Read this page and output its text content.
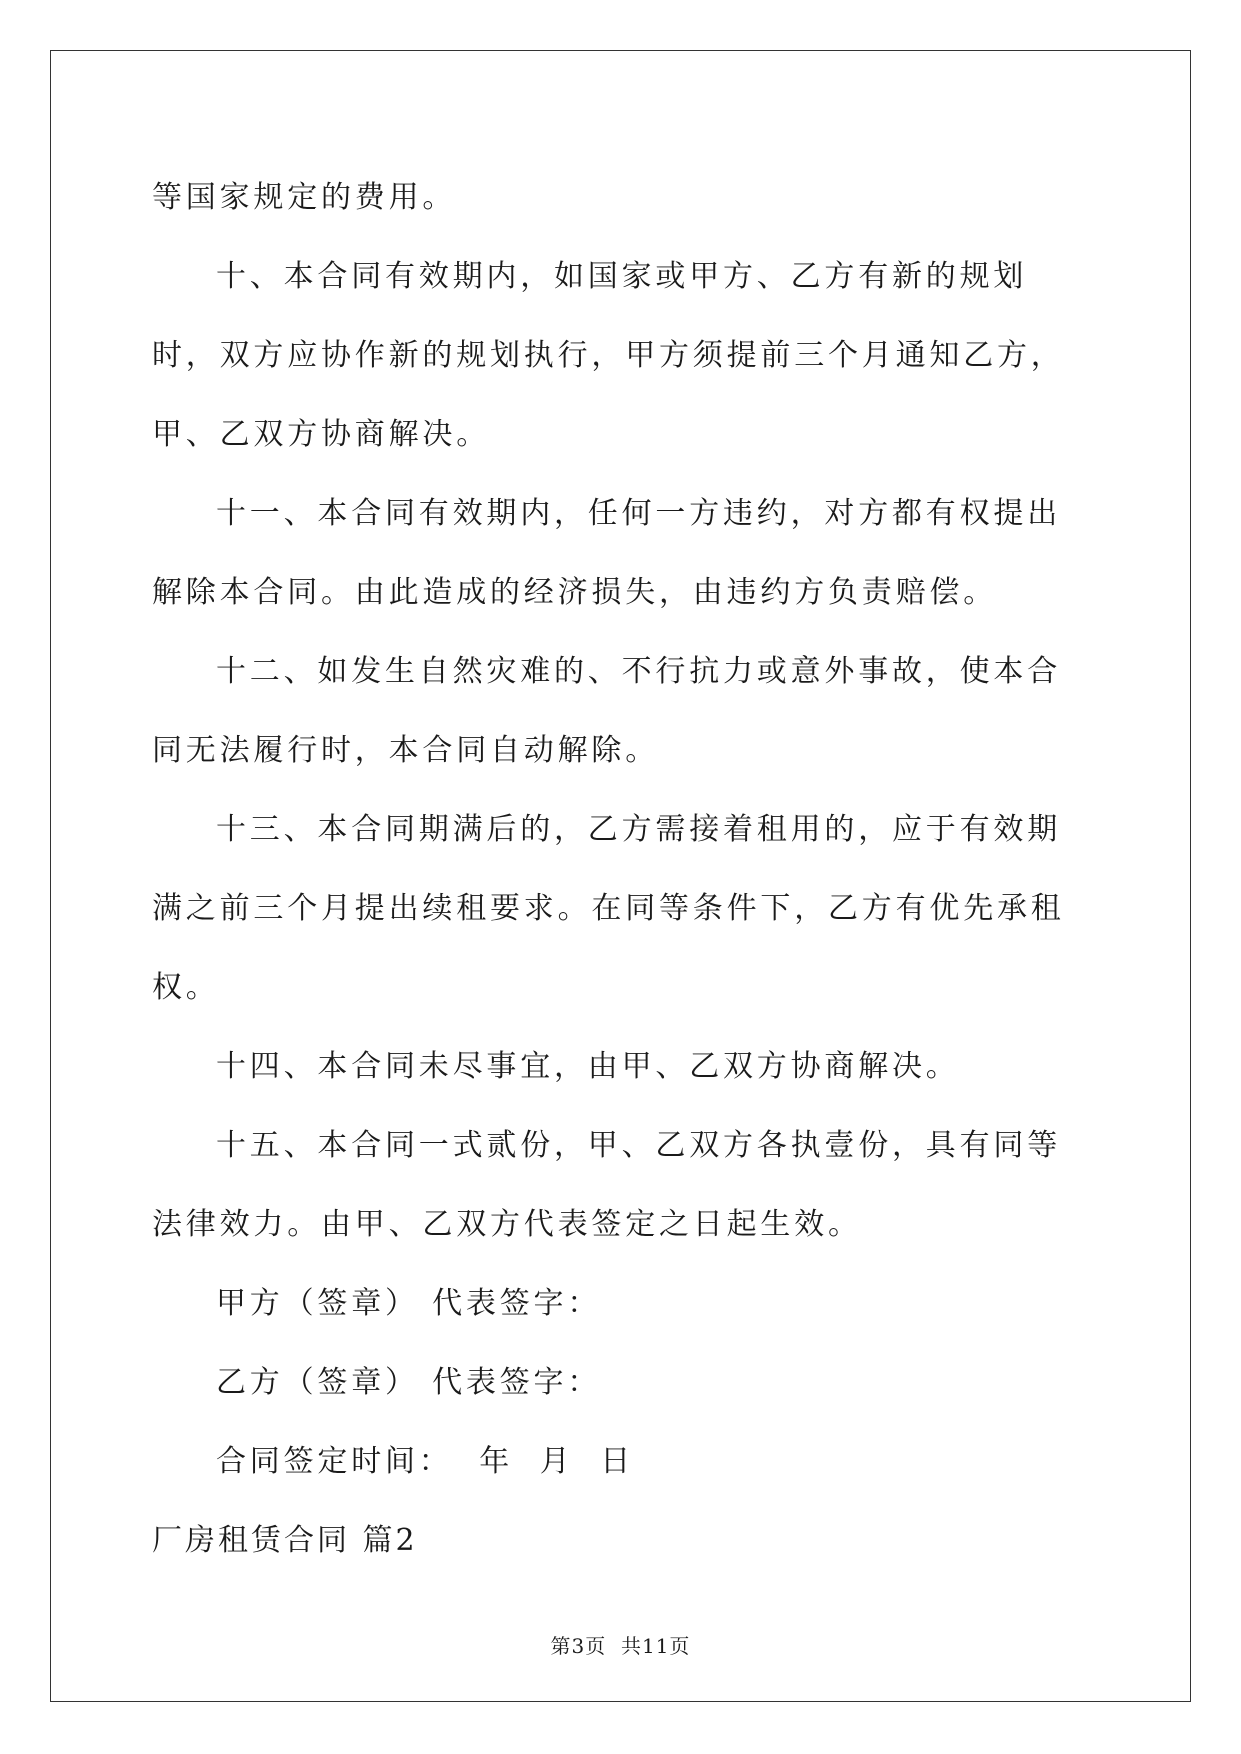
等国家规定的费用。

十、本合同有效期内，如国家或甲方、乙方有新的规划时，双方应协作新的规划执行，甲方须提前三个月通知乙方，甲、乙双方协商解决。

十一、本合同有效期内，任何一方违约，对方都有权提出解除本合同。由此造成的经济损失，由违约方负责赔偿。

十二、如发生自然灾难的、不行抗力或意外事故，使本合同无法履行时，本合同自动解除。

十三、本合同期满后的，乙方需接着租用的，应于有效期满之前三个月提出续租要求。在同等条件下，乙方有优先承租权。

十四、本合同未尽事宜，由甲、乙双方协商解决。

十五、本合同一式贰份，甲、乙双方各执壹份，具有同等法律效力。由甲、乙双方代表签定之日起生效。

甲方（签章） 代表签字：

乙方（签章） 代表签字：

合同签定时间：  年  月  日

厂房租赁合同 篇2

第3页  共11页
